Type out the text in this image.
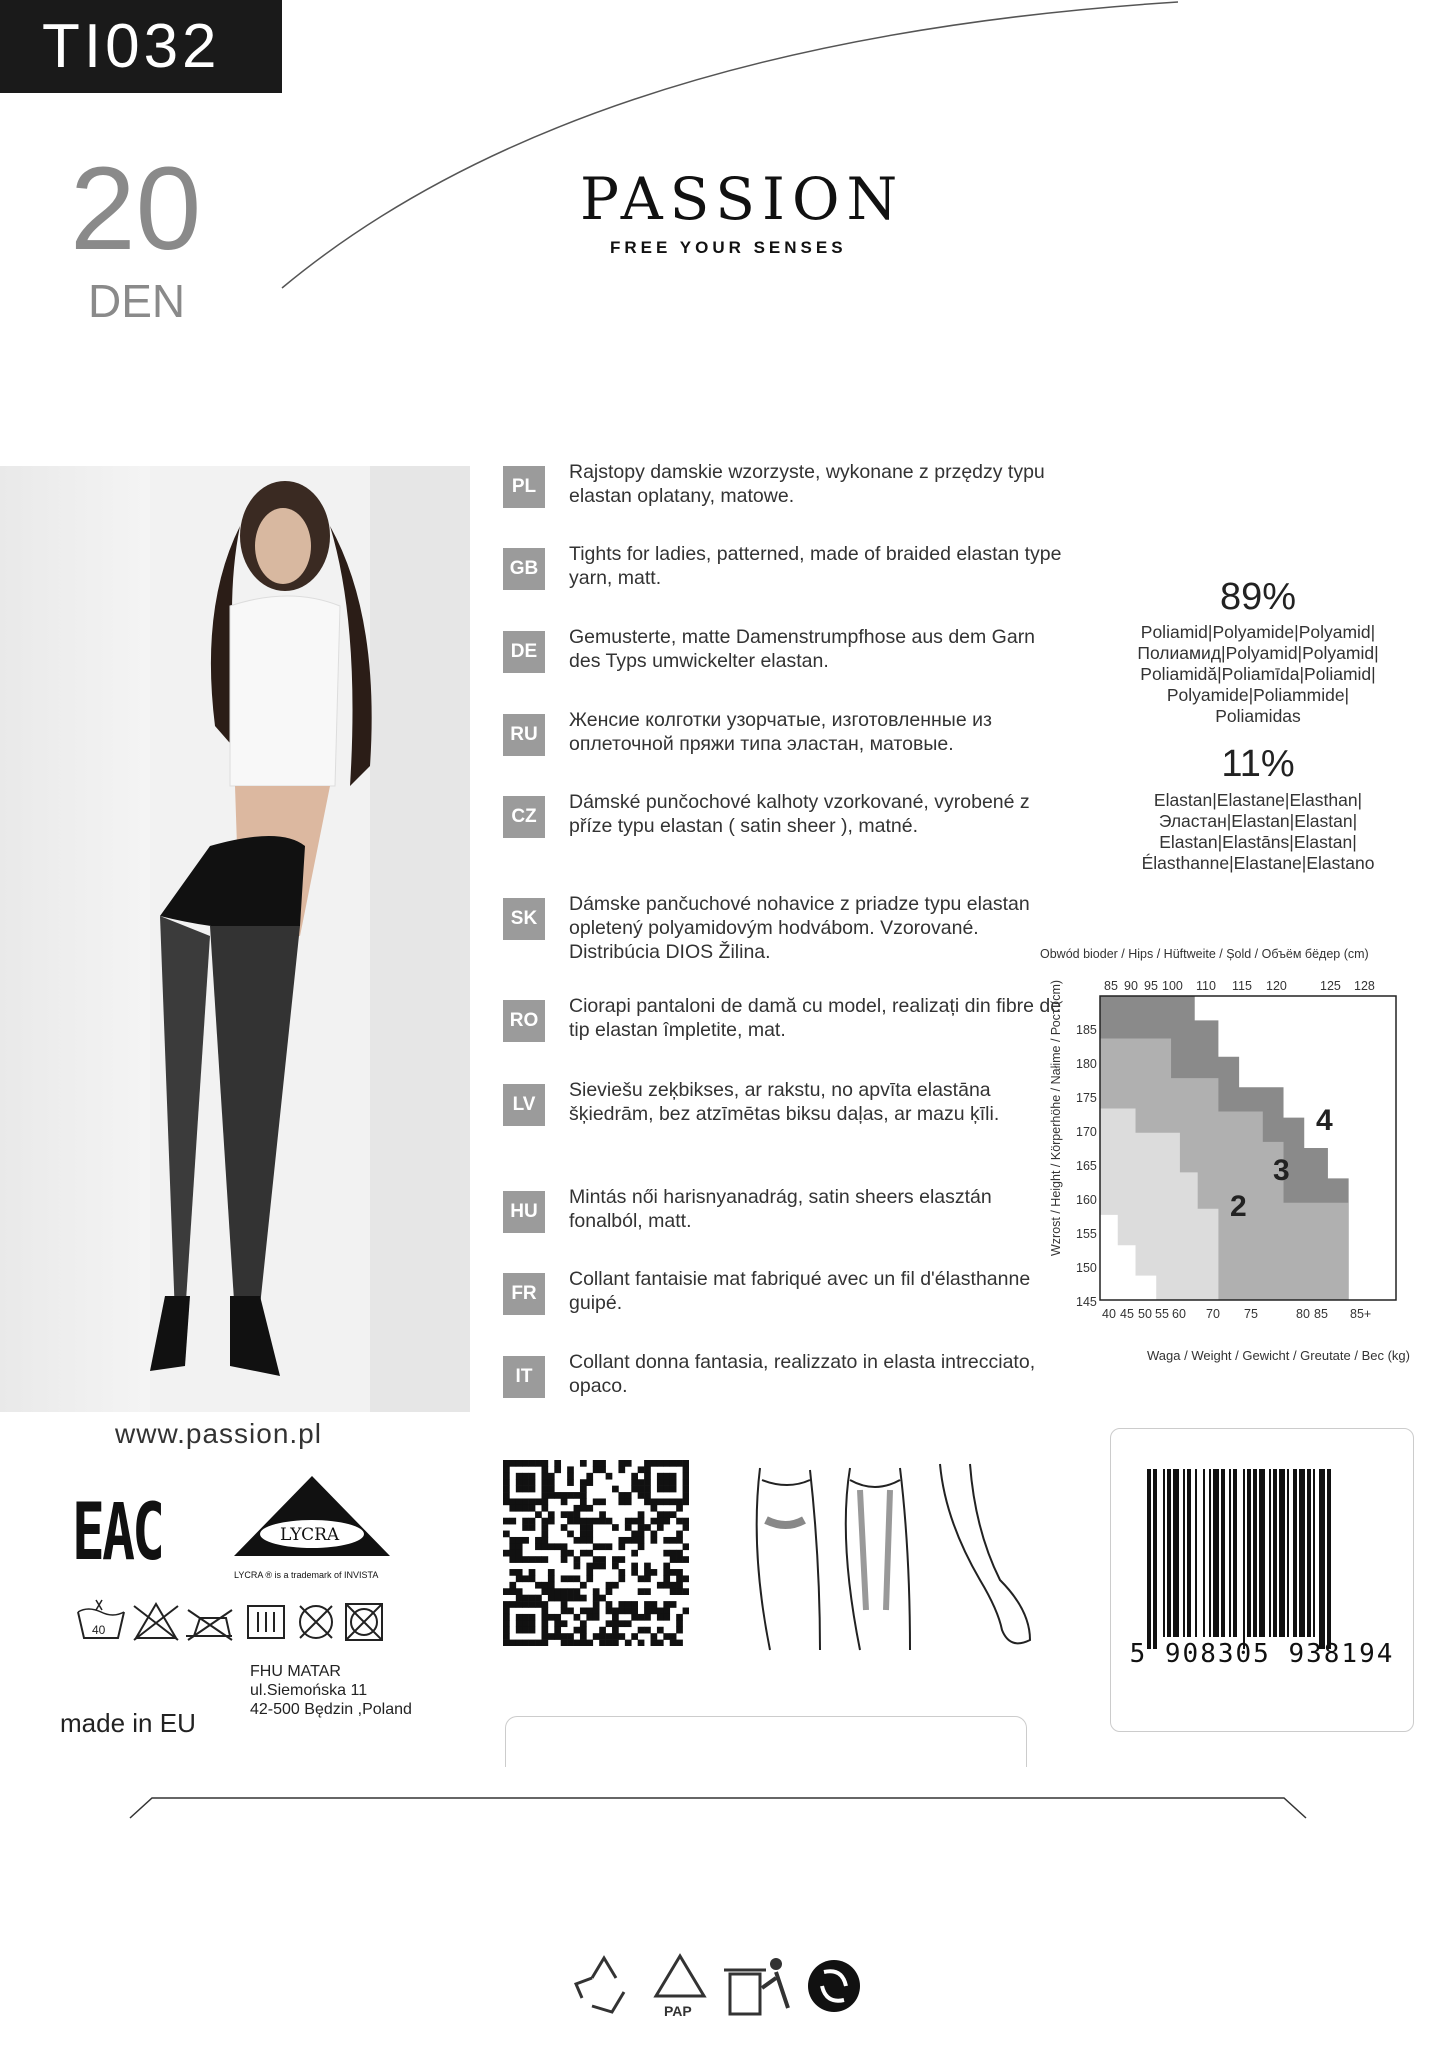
TI032
20
DEN
PASSION
FREE YOUR SENSES
www.passion.pl
PL
Rajstopy damskie wzorzyste, wykonane z przędzy typu elastan oplatany, matowe.
GB
Tights for ladies, patterned, made of braided elastan type yarn, matt.
DE
Gemusterte, matte Damenstrumpfhose aus dem Garn des Typs umwickelter elastan.
RU
Женсие колготки узорчатые, изготовленные из оплеточной пряжи типа эластан, матовые.
CZ
Dámské punčochové kalhoty vzorkované, vyrobené z příze typu elastan ( satin sheer ), matné.
SK
Dámske pančuchové nohavice z priadze typu elastan opletený polyamidovým hodvábom. Vzorované. Distribúcia DIOS Žilina.
RO
Ciorapi pantaloni de damă cu model, realizați din fibre de tip elastan împletite, mat.
LV
Sieviešu zeķbikses, ar rakstu, no apvīta elastāna šķiedrām, bez atzīmētas biksu daļas, ar mazu ķīli.
HU
Mintás női harisnyanadrág, satin sheers elasztán fonalból, matt.
FR
Collant fantaisie mat fabriqué avec un fil d'élasthanne guipé.
IT
Collant donna fantasia, realizzato in elasta intrecciato, opaco.
89%
Poliamid|Polyamide|Polyamid|
Полиамид|Polyamid|Polyamid|
Poliamidă|Poliamīda|Poliamid|
Polyamide|Poliammide|
Poliamidas
11%
Elastan|Elastane|Elasthan|
Эластан|Elastan|Elastan|
Elastan|Elastāns|Elastan|
Élasthanne|Elastane|Elastano
Obwód bioder / Hips / Hüftweite / Șold / Объём бёдер (cm)
Wzrost / Height / Körperhöhe / Nałime / Рост (cm)
Waga / Weight / Gewicht / Greutate / Bec (kg)
85 90 95 100 110 115 120	125 128
185
180
175
170
165
160
155
150
145
40 45 50 55 60 70 75	80 85 85+
2
3
4
EAC	LYCRA
LYCRA ® is a trademark of INVISTA
40
made in EU
FHU MATAR
ul.Siemońska 11
42-500 Będzin ,Poland
5 908305 938194
PAP
